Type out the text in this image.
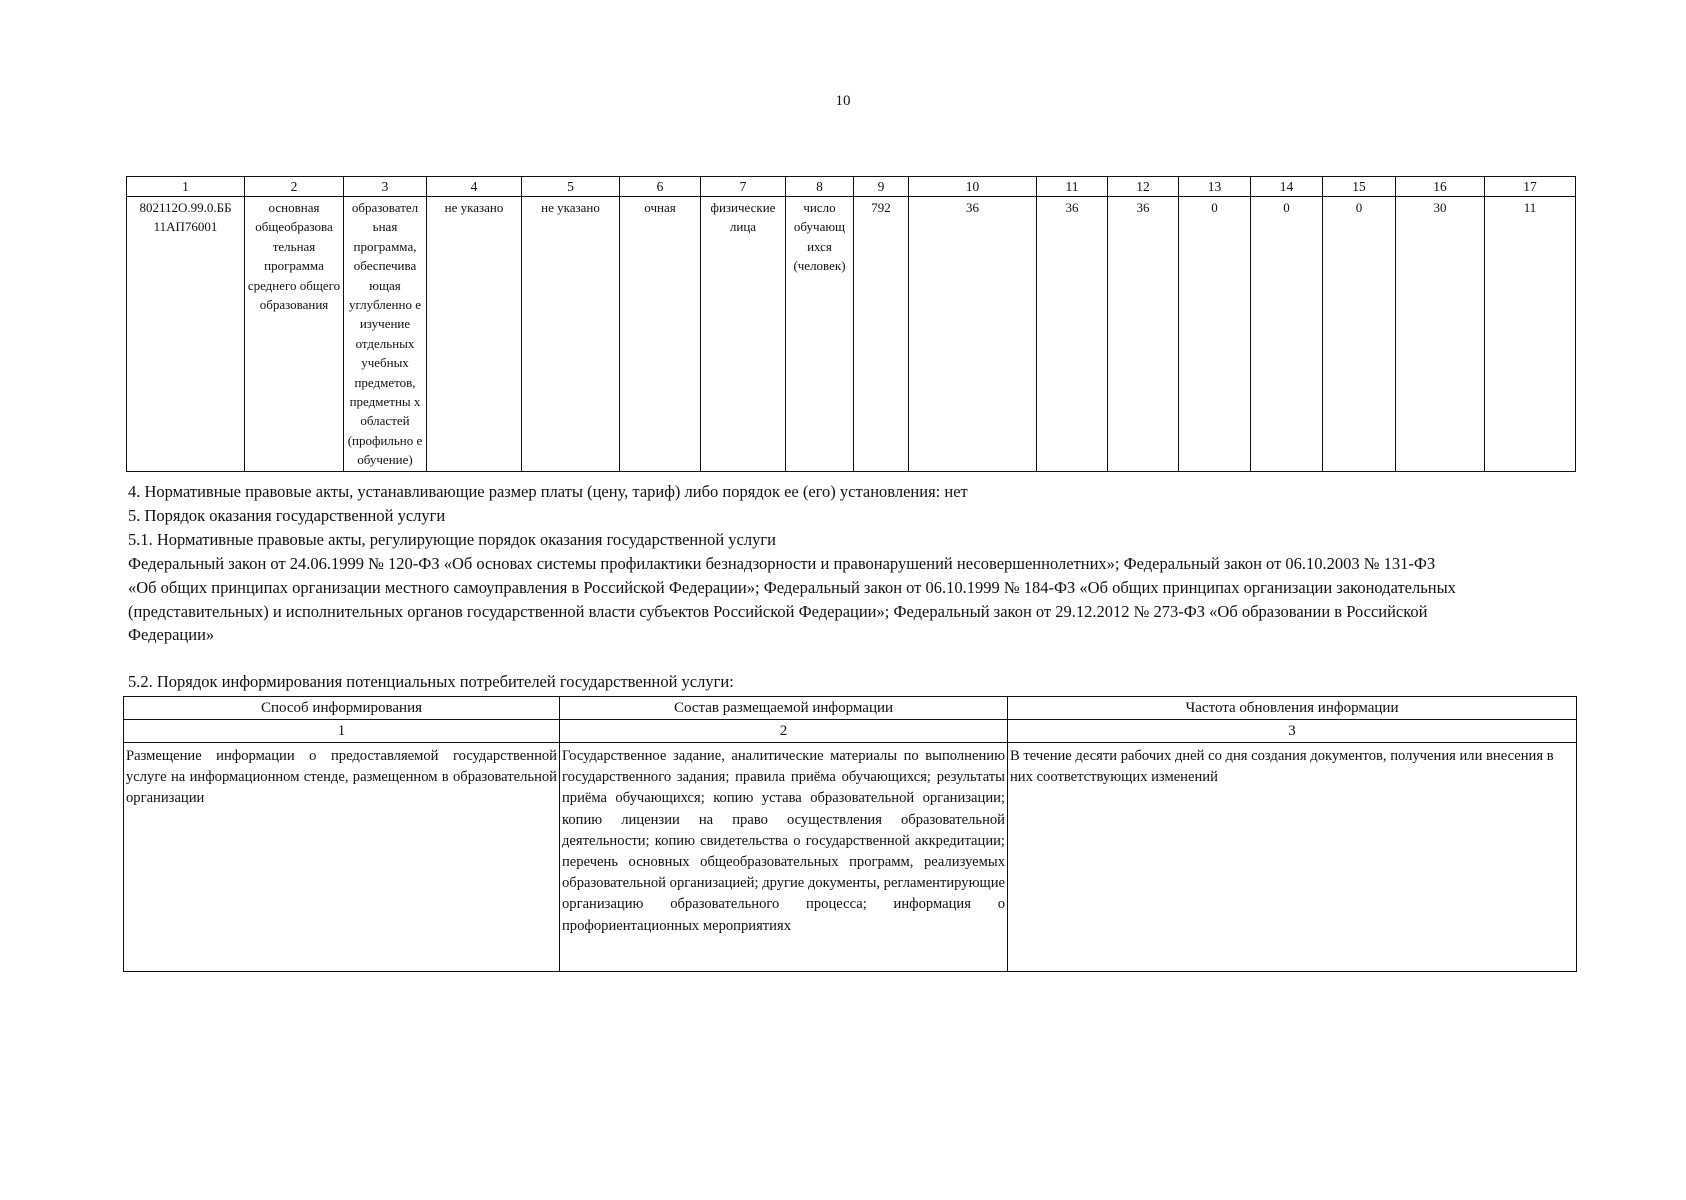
10
1	2	3	4	5	6	7	8	9	10	11	12	13	14	15	16	17
802112О.99.0.ББ 11АП76001	основная общеобразова тельная программа среднего общего образования	образовател ьная программа, обеспечива ющая углубленно е изучение отдельных учебных предметов, предметны х областей (профильно е обучение)	не указано	не указано	очная	физические лица	число обучающ ихся (человек)	792	36	36	36	0	0	0	30	11
4. Нормативные правовые акты, устанавливающие размер платы (цену, тариф) либо порядок ее (его) установления: нет
5. Порядок оказания государственной услуги
5.1. Нормативные правовые акты, регулирующие порядок оказания государственной услуги
Федеральный закон от 24.06.1999 № 120-ФЗ «Об основах системы профилактики безнадзорности и правонарушений несовершеннолетних»; Федеральный закон от 06.10.2003 № 131-ФЗ
«Об общих принципах организации местного самоуправления в Российской Федерации»; Федеральный закон от 06.10.1999 № 184-ФЗ «Об общих принципах организации законодательных
(представительных) и исполнительных органов государственной власти субъектов Российской Федерации»; Федеральный закон от 29.12.2012 № 273-ФЗ «Об образовании в Российской
Федерации»
5.2. Порядок информирования потенциальных потребителей государственной услуги:
Способ информирования	Состав размещаемой информации	Частота обновления информации
1	2	3
Размещение информации о предоставляемой государственной услуге на информационном стенде, размещенном в образовательной организации	Государственное задание, аналитические материалы по выполнению государственного задания; правила приёма обучающихся; результаты приёма обучающихся; копию устава образовательной организации; копию лицензии на право осуществления образовательной деятельности; копию свидетельства о государственной аккредитации; перечень основных общеобразовательных программ, реализуемых образовательной организацией; другие документы, регламентирующие организацию образовательного процесса; информация о профориентационных мероприятиях	В течение десяти рабочих дней со дня создания документов, получения или внесения в них соответствующих изменений
